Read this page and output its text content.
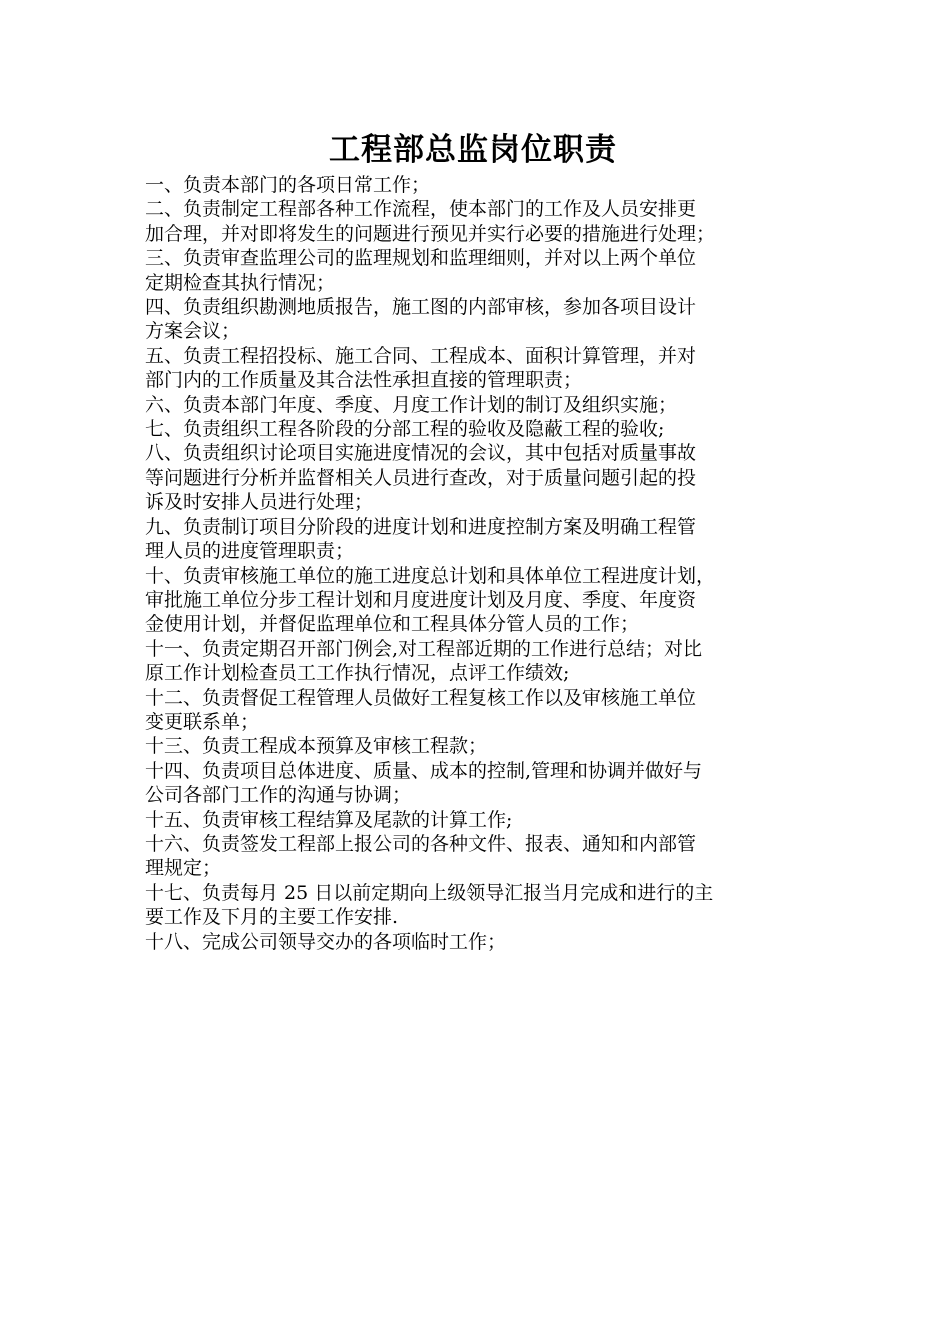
工程部总监岗位职责
一、负责本部门的各项日常工作；
二、负责制定工程部各种工作流程，使本部门的工作及人员安排更
加合理，并对即将发生的问题进行预见并实行必要的措施进行处理；
三、负责审查监理公司的监理规划和监理细则，并对以上两个单位
定期检查其执行情况；
四、负责组织勘测地质报告，施工图的内部审核，参加各项目设计
方案会议；
五、负责工程招投标、施工合同、工程成本、面积计算管理，并对
部门内的工作质量及其合法性承担直接的管理职责；
六、负责本部门年度、季度、月度工作计划的制订及组织实施；
七、负责组织工程各阶段的分部工程的验收及隐蔽工程的验收;
八、负责组织讨论项目实施进度情况的会议，其中包括对质量事故
等问题进行分析并监督相关人员进行查改，对于质量问题引起的投
诉及时安排人员进行处理；
九、负责制订项目分阶段的进度计划和进度控制方案及明确工程管
理人员的进度管理职责；
十、负责审核施工单位的施工进度总计划和具体单位工程进度计划，
审批施工单位分步工程计划和月度进度计划及月度、季度、年度资
金使用计划，并督促监理单位和工程具体分管人员的工作；
十一、负责定期召开部门例会,对工程部近期的工作进行总结；对比
原工作计划检查员工工作执行情况，点评工作绩效;
十二、负责督促工程管理人员做好工程复核工作以及审核施工单位
变更联系单；
十三、负责工程成本预算及审核工程款；
十四、负责项目总体进度、质量、成本的控制,管理和协调并做好与
公司各部门工作的沟通与协调；
十五、负责审核工程结算及尾款的计算工作;
十六、负责签发工程部上报公司的各种文件、报表、通知和内部管
理规定；
十七、负责每月 25 日以前定期向上级领导汇报当月完成和进行的主
要工作及下月的主要工作安排.
十八、完成公司领导交办的各项临时工作；
